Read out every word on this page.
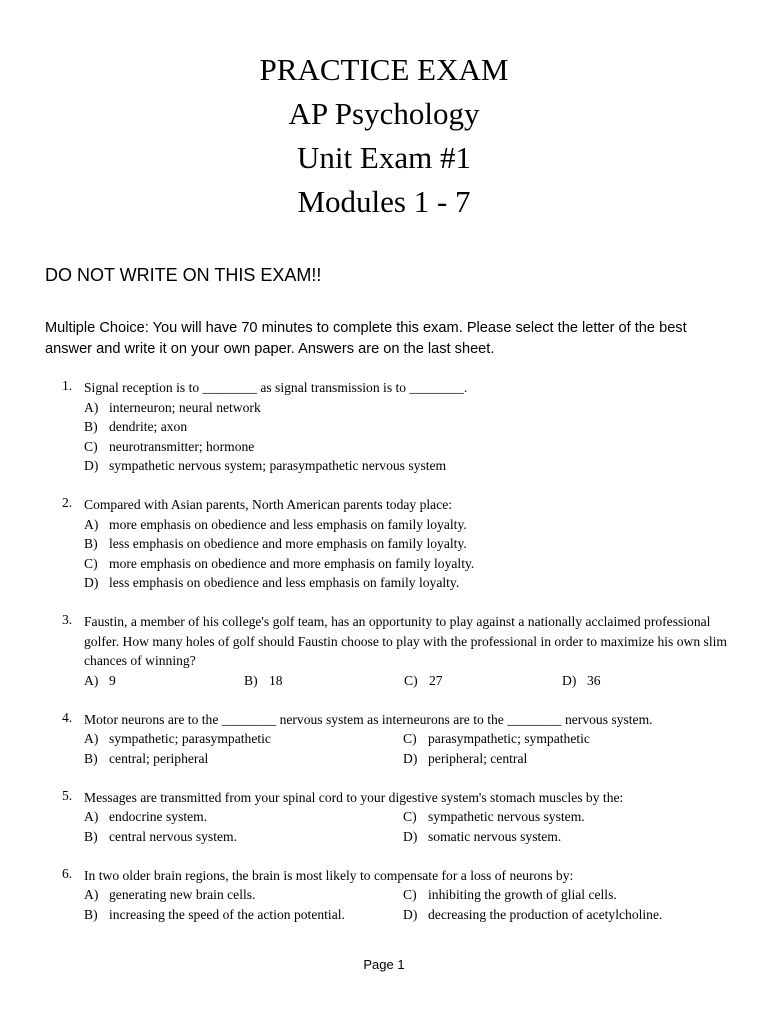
PRACTICE EXAM
AP Psychology
Unit Exam #1
Modules 1 - 7
DO NOT WRITE ON THIS EXAM!!
Multiple Choice: You will have 70 minutes to complete this exam. Please select the letter of the best answer and write it on your own paper. Answers are on the last sheet.
1. Signal reception is to ________ as signal transmission is to ________.
A) interneuron; neural network
B) dendrite; axon
C) neurotransmitter; hormone
D) sympathetic nervous system; parasympathetic nervous system
2. Compared with Asian parents, North American parents today place:
A) more emphasis on obedience and less emphasis on family loyalty.
B) less emphasis on obedience and more emphasis on family loyalty.
C) more emphasis on obedience and more emphasis on family loyalty.
D) less emphasis on obedience and less emphasis on family loyalty.
3. Faustin, a member of his college's golf team, has an opportunity to play against a nationally acclaimed professional golfer. How many holes of golf should Faustin choose to play with the professional in order to maximize his own slim chances of winning?
A) 9	B) 18	C) 27	D) 36
4. Motor neurons are to the ________ nervous system as interneurons are to the ________ nervous system.
A) sympathetic; parasympathetic	C) parasympathetic; sympathetic
B) central; peripheral	D) peripheral; central
5. Messages are transmitted from your spinal cord to your digestive system's stomach muscles by the:
A) endocrine system.	C) sympathetic nervous system.
B) central nervous system.	D) somatic nervous system.
6. In two older brain regions, the brain is most likely to compensate for a loss of neurons by:
A) generating new brain cells.	C) inhibiting the growth of glial cells.
B) increasing the speed of the action potential.	D) decreasing the production of acetylcholine.
Page 1
